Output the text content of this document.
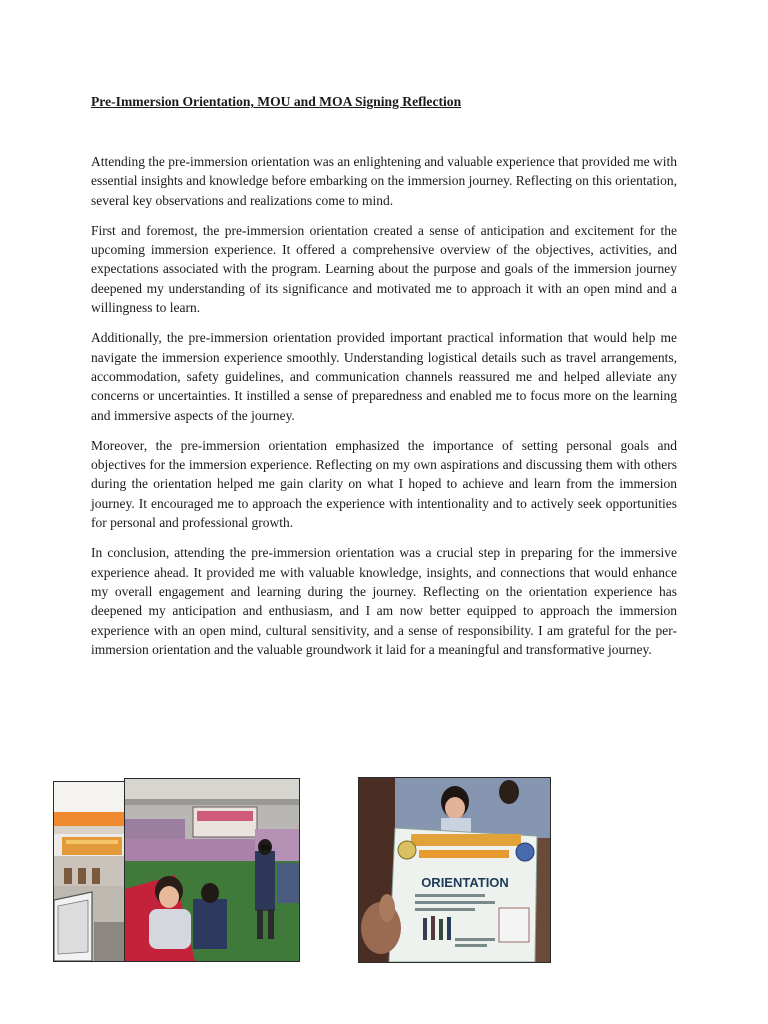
Pre-Immersion Orientation, MOU and MOA Signing Reflection

Attending the pre-immersion orientation was an enlightening and valuable experience that provided me with essential insights and knowledge before embarking on the immersion journey. Reflecting on this orientation, several key observations and realizations come to mind.

First and foremost, the pre-immersion orientation created a sense of anticipation and excitement for the upcoming immersion experience. It offered a comprehensive overview of the objectives, activities, and expectations associated with the program. Learning about the purpose and goals of the immersion journey deepened my understanding of its significance and motivated me to approach it with an open mind and a willingness to learn.

Additionally, the pre-immersion orientation provided important practical information that would help me navigate the immersion experience smoothly. Understanding logistical details such as travel arrangements, accommodation, safety guidelines, and communication channels reassured me and helped alleviate any concerns or uncertainties. It instilled a sense of preparedness and enabled me to focus more on the learning and immersive aspects of the journey.

Moreover, the pre-immersion orientation emphasized the importance of setting personal goals and objectives for the immersion experience. Reflecting on my own aspirations and discussing them with others during the orientation helped me gain clarity on what I hoped to achieve and learn from the immersion journey. It encouraged me to approach the experience with intentionality and to actively seek opportunities for personal and professional growth.

In conclusion, attending the pre-immersion orientation was a crucial step in preparing for the immersive experience ahead. It provided me with valuable knowledge, insights, and connections that would enhance my overall engagement and learning during the journey. Reflecting on the orientation experience has deepened my anticipation and enthusiasm, and I am now better equipped to approach the immersion experience with an open mind, cultural sensitivity, and a sense of responsibility. I am grateful for the per-immersion orientation and the valuable groundwork it laid for a meaningful and transformative journey.

ORIENTATION
